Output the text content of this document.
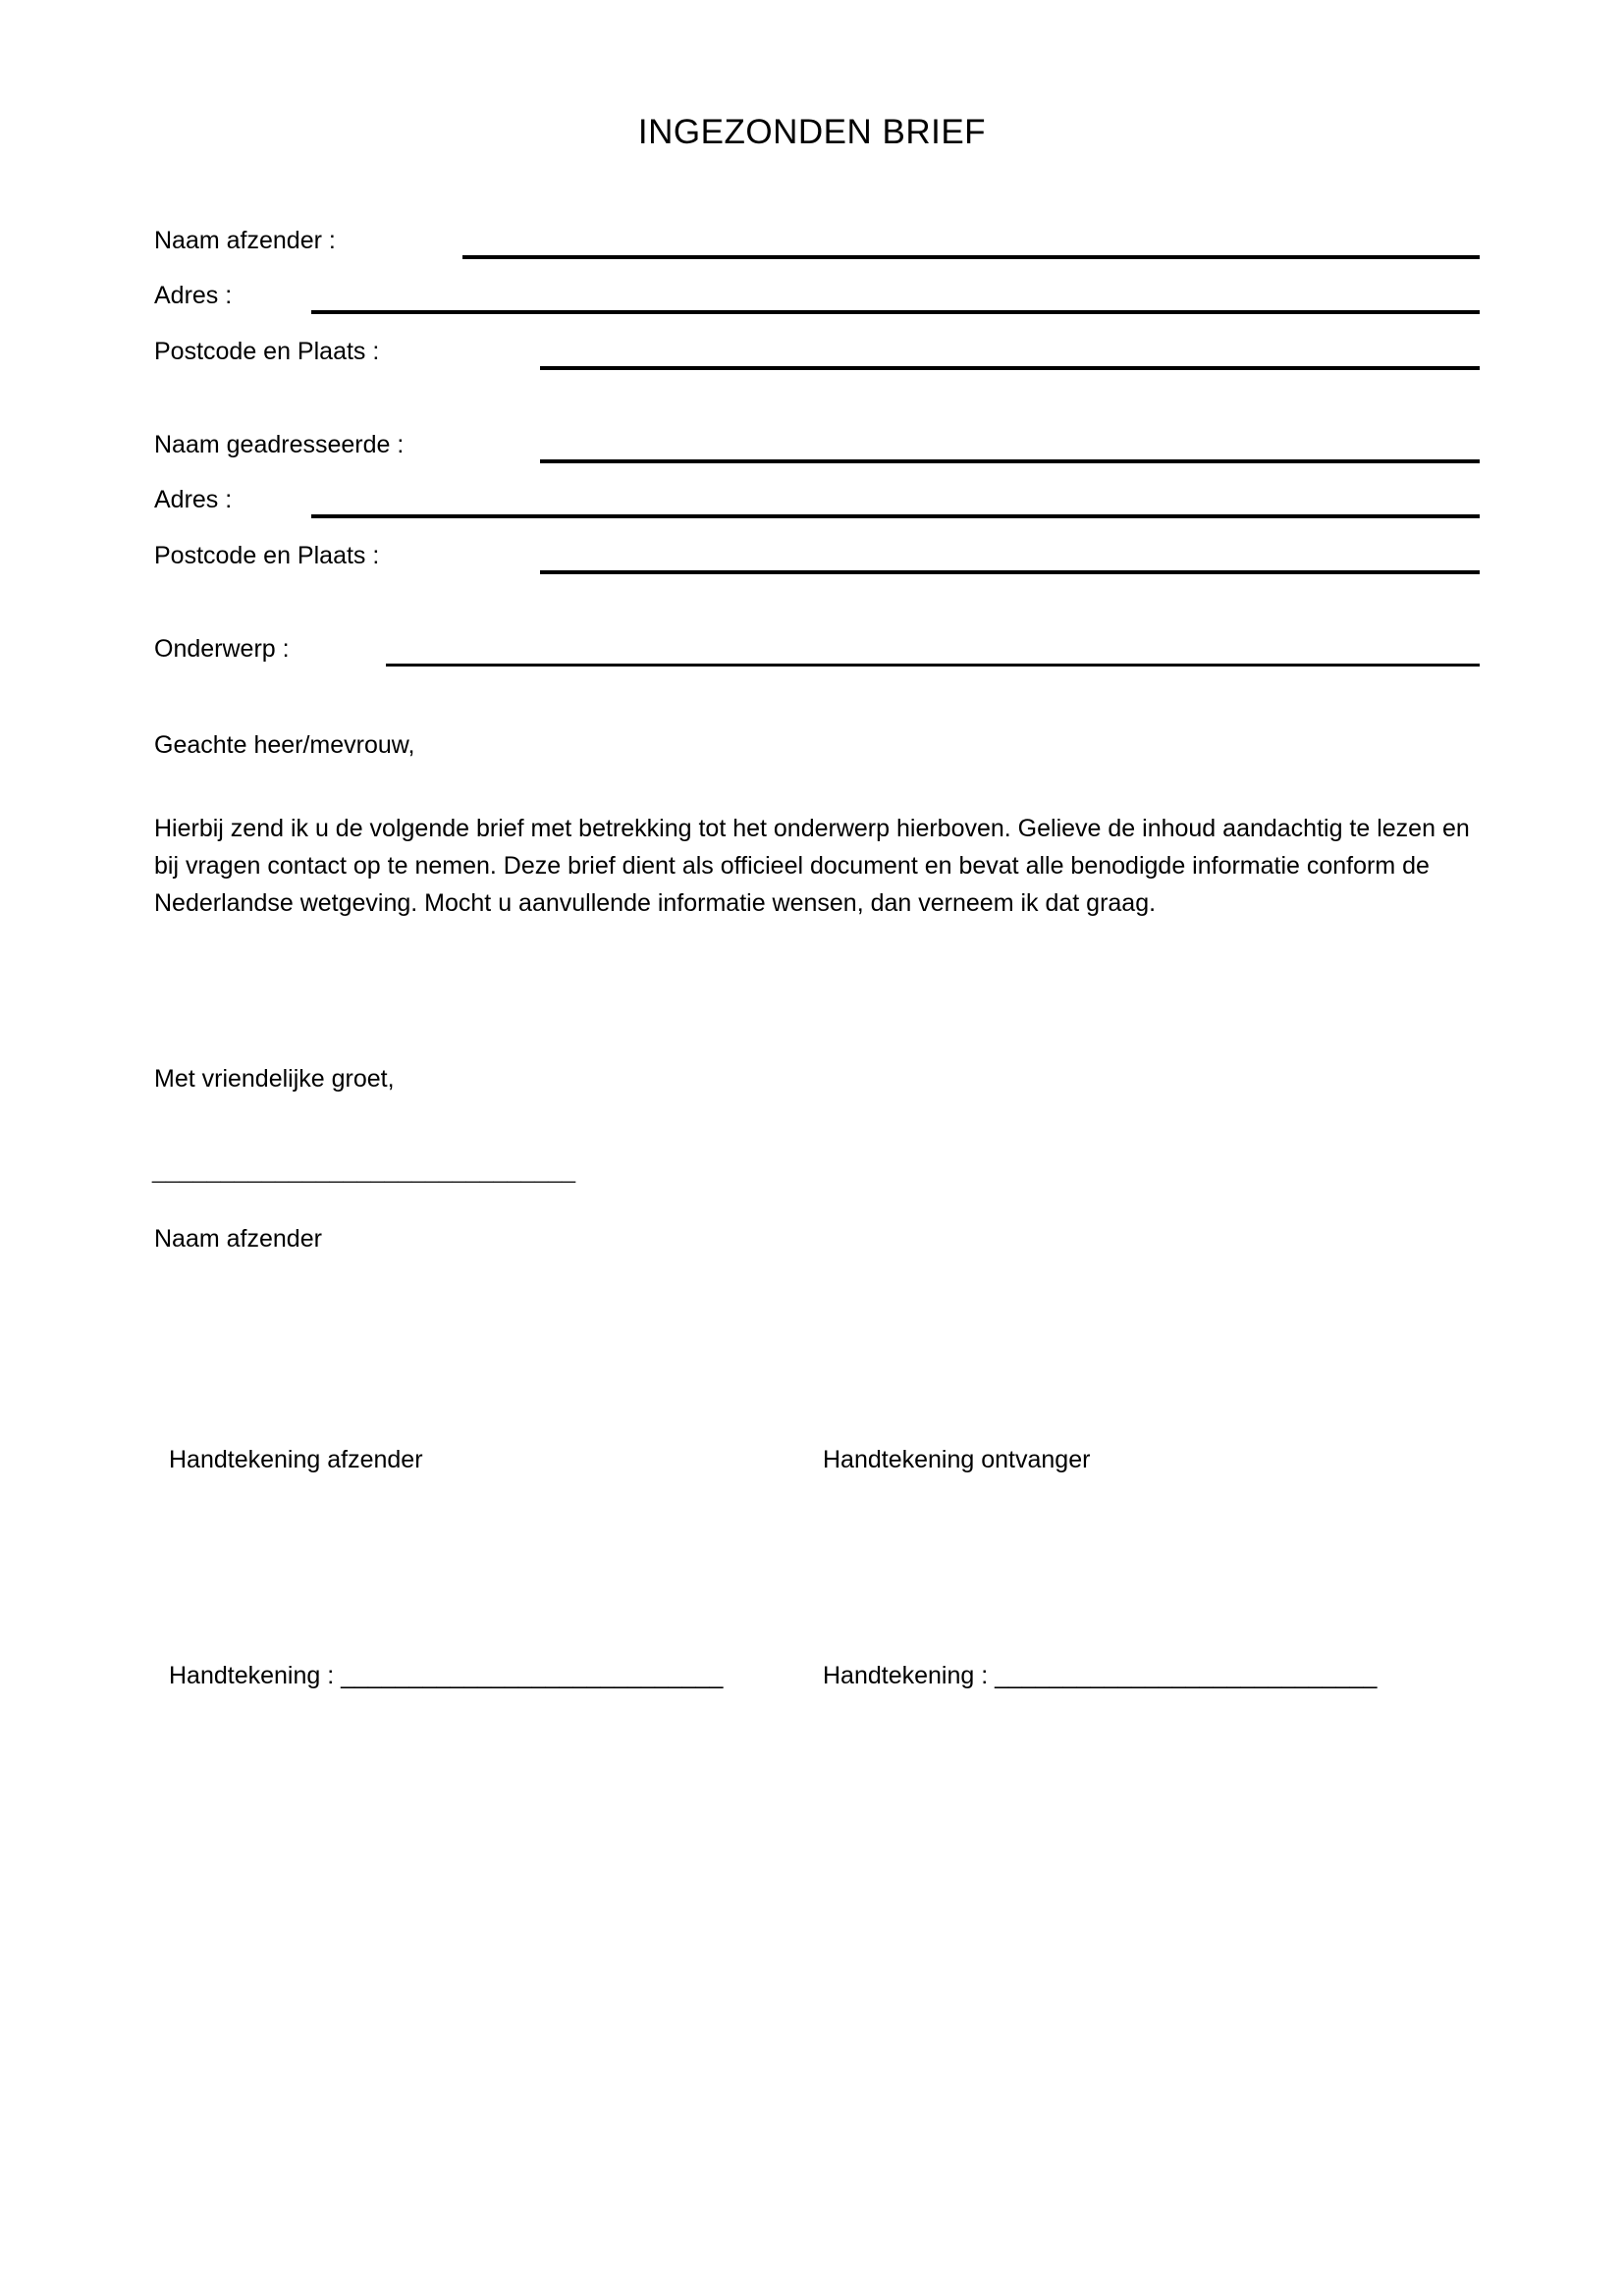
INGEZONDEN BRIEF
Naam afzender :
Adres :
Postcode en Plaats :
Naam geadresseerde :
Adres :
Postcode en Plaats :
Onderwerp :
Geachte heer/mevrouw,
Hierbij zend ik u de volgende brief met betrekking tot het onderwerp hierboven. Gelieve de inhoud aandachtig te lezen en bij vragen contact op te nemen. Deze brief dient als officieel document en bevat alle benodigde informatie conform de Nederlandse wetgeving. Mocht u aanvullende informatie wensen, dan verneem ik dat graag.
Met vriendelijke groet,
_______________________________
Naam afzender
Handtekening afzender	Handtekening ontvanger
Handtekening : ____________________________	Handtekening : ____________________________
